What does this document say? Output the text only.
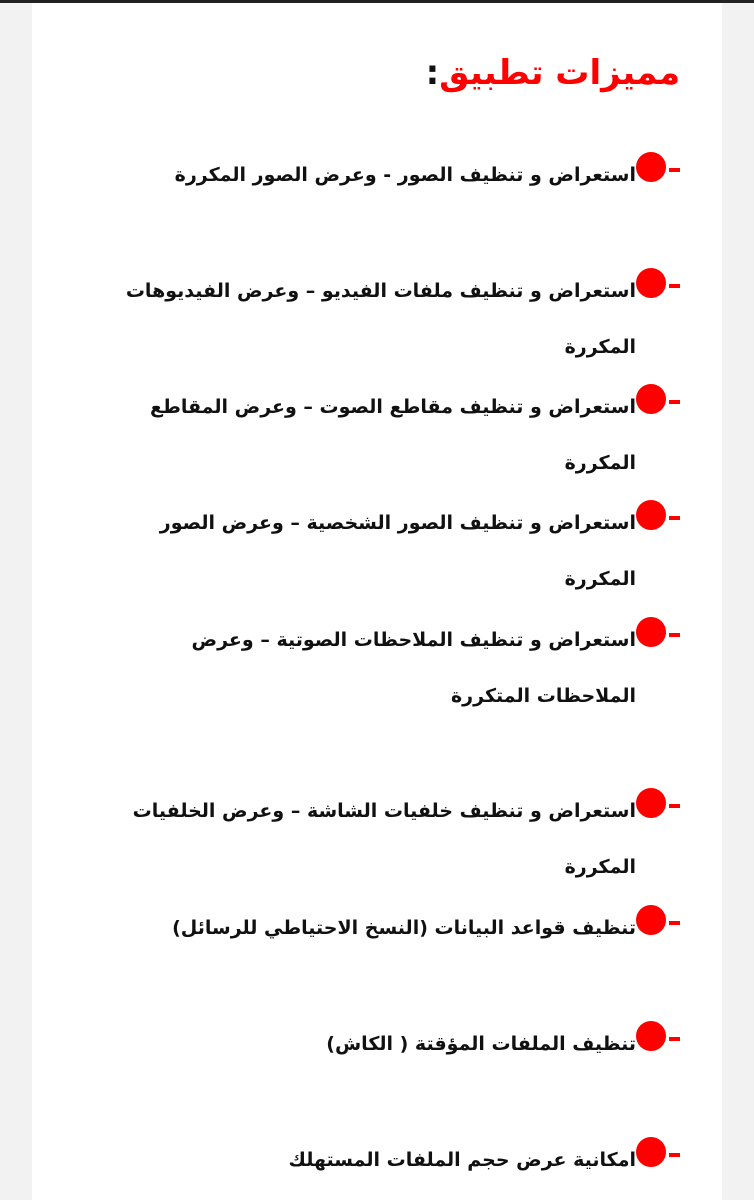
مميزات تطبيق:
استعراض و تنظيف الصور - وعرض الصور المكررة
استعراض و تنظيف ملفات الفيديو – وعرض الفيديوهات المكررة
استعراض و تنظيف مقاطع الصوت – وعرض المقاطع المكررة
استعراض و تنظيف الصور الشخصية – وعرض الصور المكررة
استعراض و تنظيف الملاحظات الصوتية – وعرض الملاحظات المتكررة
استعراض و تنظيف خلفيات الشاشة – وعرض الخلفيات المكررة
تنظيف قواعد البيانات (النسخ الاحتياطي للرسائل)
تنظيف الملفات المؤقتة ( الكاش)
امكانية عرض حجم الملفات المستهلك
